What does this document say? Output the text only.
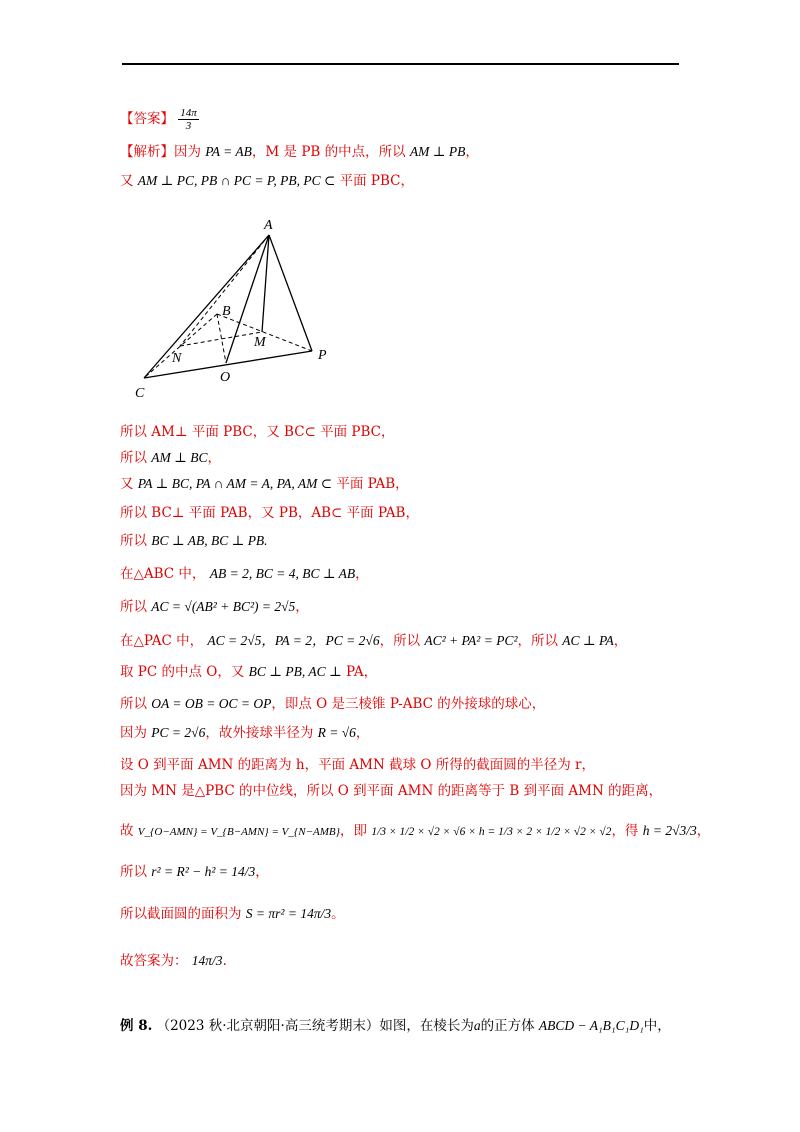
【答案】 $\frac{14\pi}{3}$
【解析】因为 PA = AB，M 是 PB 的中点，所以 AM ⊥ PB，
又 AM ⊥ PC, PB ∩ PC = P, PB, PC ⊂ 平面 PBC，
A
B
M
N
O
P
C
所以 AM⊥ 平面 PBC，又 BC⊂ 平面 PBC，
所以 AM ⊥ BC，
又 PA ⊥ BC, PA ∩ AM = A, PA, AM ⊂ 平面 PAB，
所以 BC⊥ 平面 PAB，又 PB，AB⊂ 平面 PAB，
所以 BC ⊥ AB, BC ⊥ PB.
在△ABC 中， AB = 2, BC = 4, BC ⊥ AB，
所以 AC = √(AB² + BC²) = 2√5，
在△PAC 中， AC = 2√5，PA = 2，PC = 2√6，所以 AC² + PA² = PC²，所以 AC ⊥ PA，
取 PC 的中点 O，又 BC ⊥ PB, AC ⊥ PA，
所以 OA = OB = OC = OP，即点 O 是三棱锥 P-ABC 的外接球的球心，
因为 PC = 2√6，故外接球半径为 R = √6，
设 O 到平面 AMN 的距离为 h，平面 AMN 截球 O 所得的截面圆的半径为 r，
因为 MN 是△PBC 的中位线，所以 O 到平面 AMN 的距离等于 B 到平面 AMN 的距离，
故 V_{O−AMN} = V_{B−AMN} = V_{N−AMB}，即 1/3 × 1/2 × √2 × √6 × h = 1/3 × 2 × 1/2 × √2 × √2，得 h = 2√3/3，
所以 r² = R² − h² = 14/3，
所以截面圆的面积为 S = πr² = 14π/3。
故答案为： 14π/3.
例 8. （2023 秋·北京朝阳·高三统考期末）如图，在棱长为a的正方体 ABCD − A₁B₁C₁D₁中，
